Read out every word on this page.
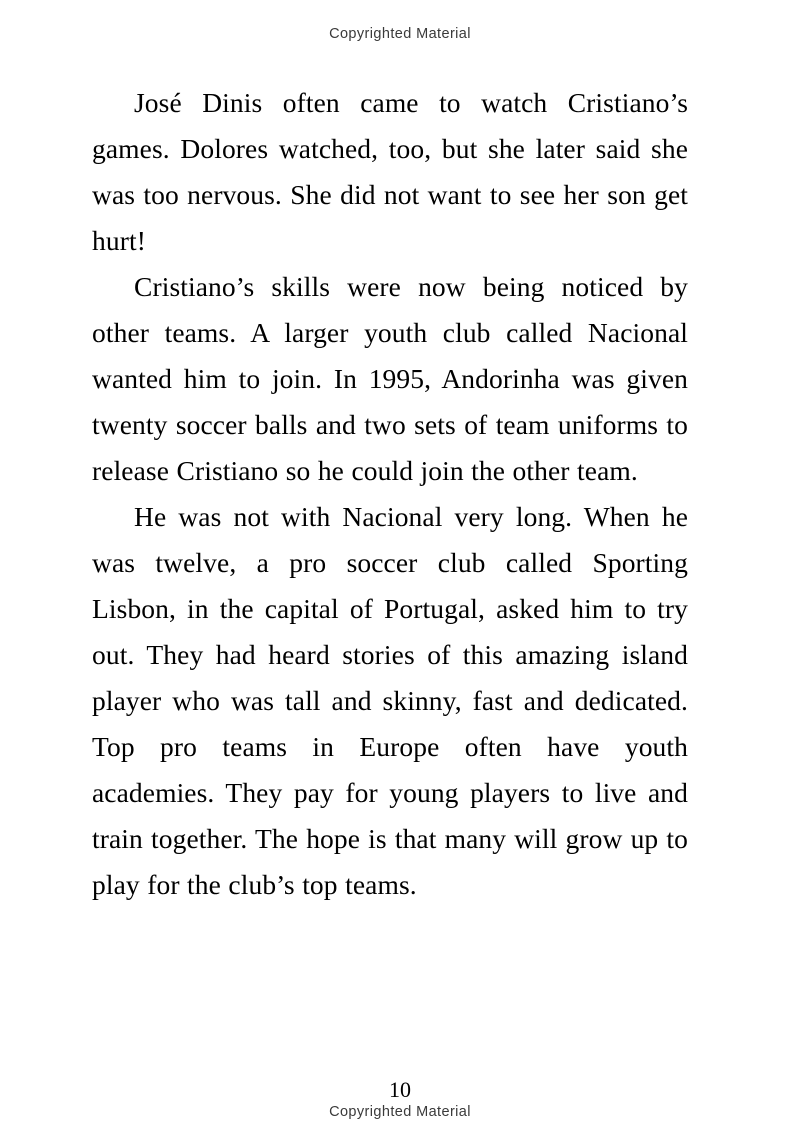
Copyrighted Material

José Dinis often came to watch Cristiano’s games. Dolores watched, too, but she later said she was too nervous. She did not want to see her son get hurt!

Cristiano’s skills were now being noticed by other teams. A larger youth club called Nacional wanted him to join. In 1995, Andorinha was given twenty soccer balls and two sets of team uniforms to release Cristiano so he could join the other team.

He was not with Nacional very long. When he was twelve, a pro soccer club called Sporting Lisbon, in the capital of Portugal, asked him to try out. They had heard stories of this amazing island player who was tall and skinny, fast and dedicated. Top pro teams in Europe often have youth academies. They pay for young players to live and train together. The hope is that many will grow up to play for the club’s top teams.

10
Copyrighted Material
